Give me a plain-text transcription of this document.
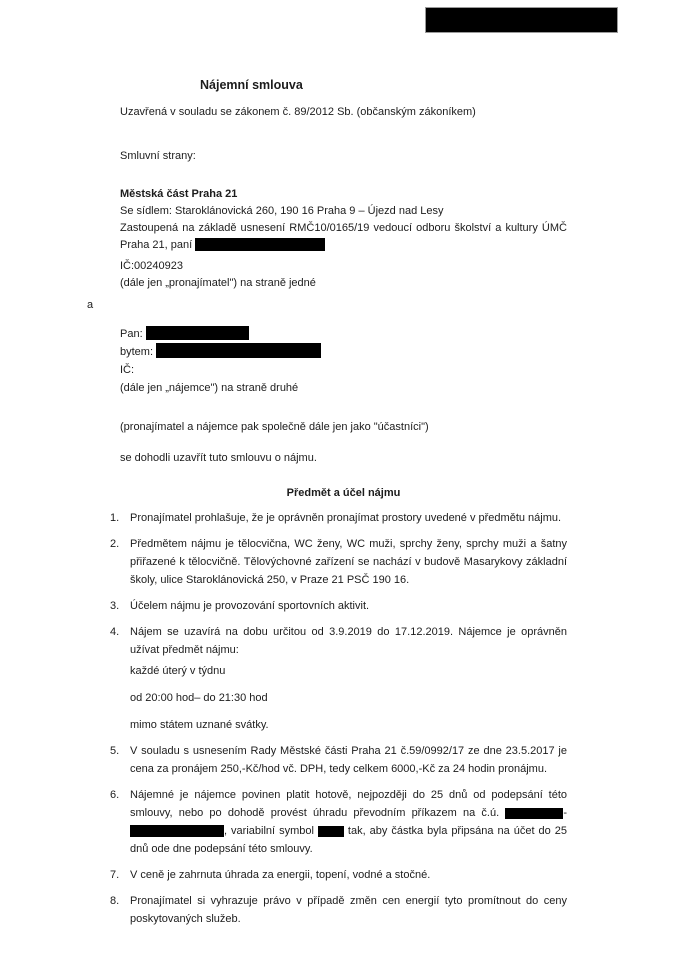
Nájemní smlouva
Uzavřená v souladu se zákonem č. 89/2012 Sb. (občanským zákoníkem)
Smluvní strany:
Městská část Praha 21
Se sídlem: Staroklánovická 260, 190 16 Praha 9 – Újezd nad Lesy
Zastoupená na základě usnesení RMČ10/0165/19 vedoucí odboru školství a kultury ÚMČ Praha 21, paní
IČ:00240923
(dále jen „pronajímatel") na straně jedné
a
Pan:
bytem:
IČ:
(dále jen „nájemce") na straně druhé
(pronajímatel a nájemce pak společně dále jen jako "účastníci")
se dohodli uzavřít tuto smlouvu o nájmu.
Předmět a účel nájmu
1. Pronajímatel prohlašuje, že je oprávněn pronajímat prostory uvedené v předmětu nájmu.
2. Předmětem nájmu je tělocvična, WC ženy, WC muži, sprchy ženy, sprchy muži a šatny přiřazené k tělocvičně. Tělovýchovné zařízení se nachází v budově Masarykovy základní školy, ulice Staroklánovická 250, v Praze 21 PSČ 190 16.
3. Účelem nájmu je provozování sportovních aktivit.
4. Nájem se uzavírá na dobu určitou od 3.9.2019 do 17.12.2019. Nájemce je oprávněn užívat předmět nájmu:
každé úterý v týdnu
od 20:00 hod– do 21:30 hod
mimo státem uznané svátky.
5. V souladu s usnesením Rady Městské části Praha 21 č.59/0992/17 ze dne 23.5.2017 je cena za pronájem 250,-Kč/hod vč. DPH, tedy celkem 6000,-Kč za 24 hodin pronájmu.
6. Nájemné je nájemce povinen platit hotově, nejpozději do 25 dnů od podepsání této smlouvy, nebo po dohodě provést úhradu převodním příkazem na č.ú.	-, variabilní symbol  tak, aby částka byla připsána na účet do 25 dnů ode dne podepsání této smlouvy.
7. V ceně je zahrnuta úhrada za energii, topení, vodné a stočné.
8. Pronajímatel si vyhrazuje právo v případě změn cen energií tyto promítnout do ceny poskytovaných služeb.
